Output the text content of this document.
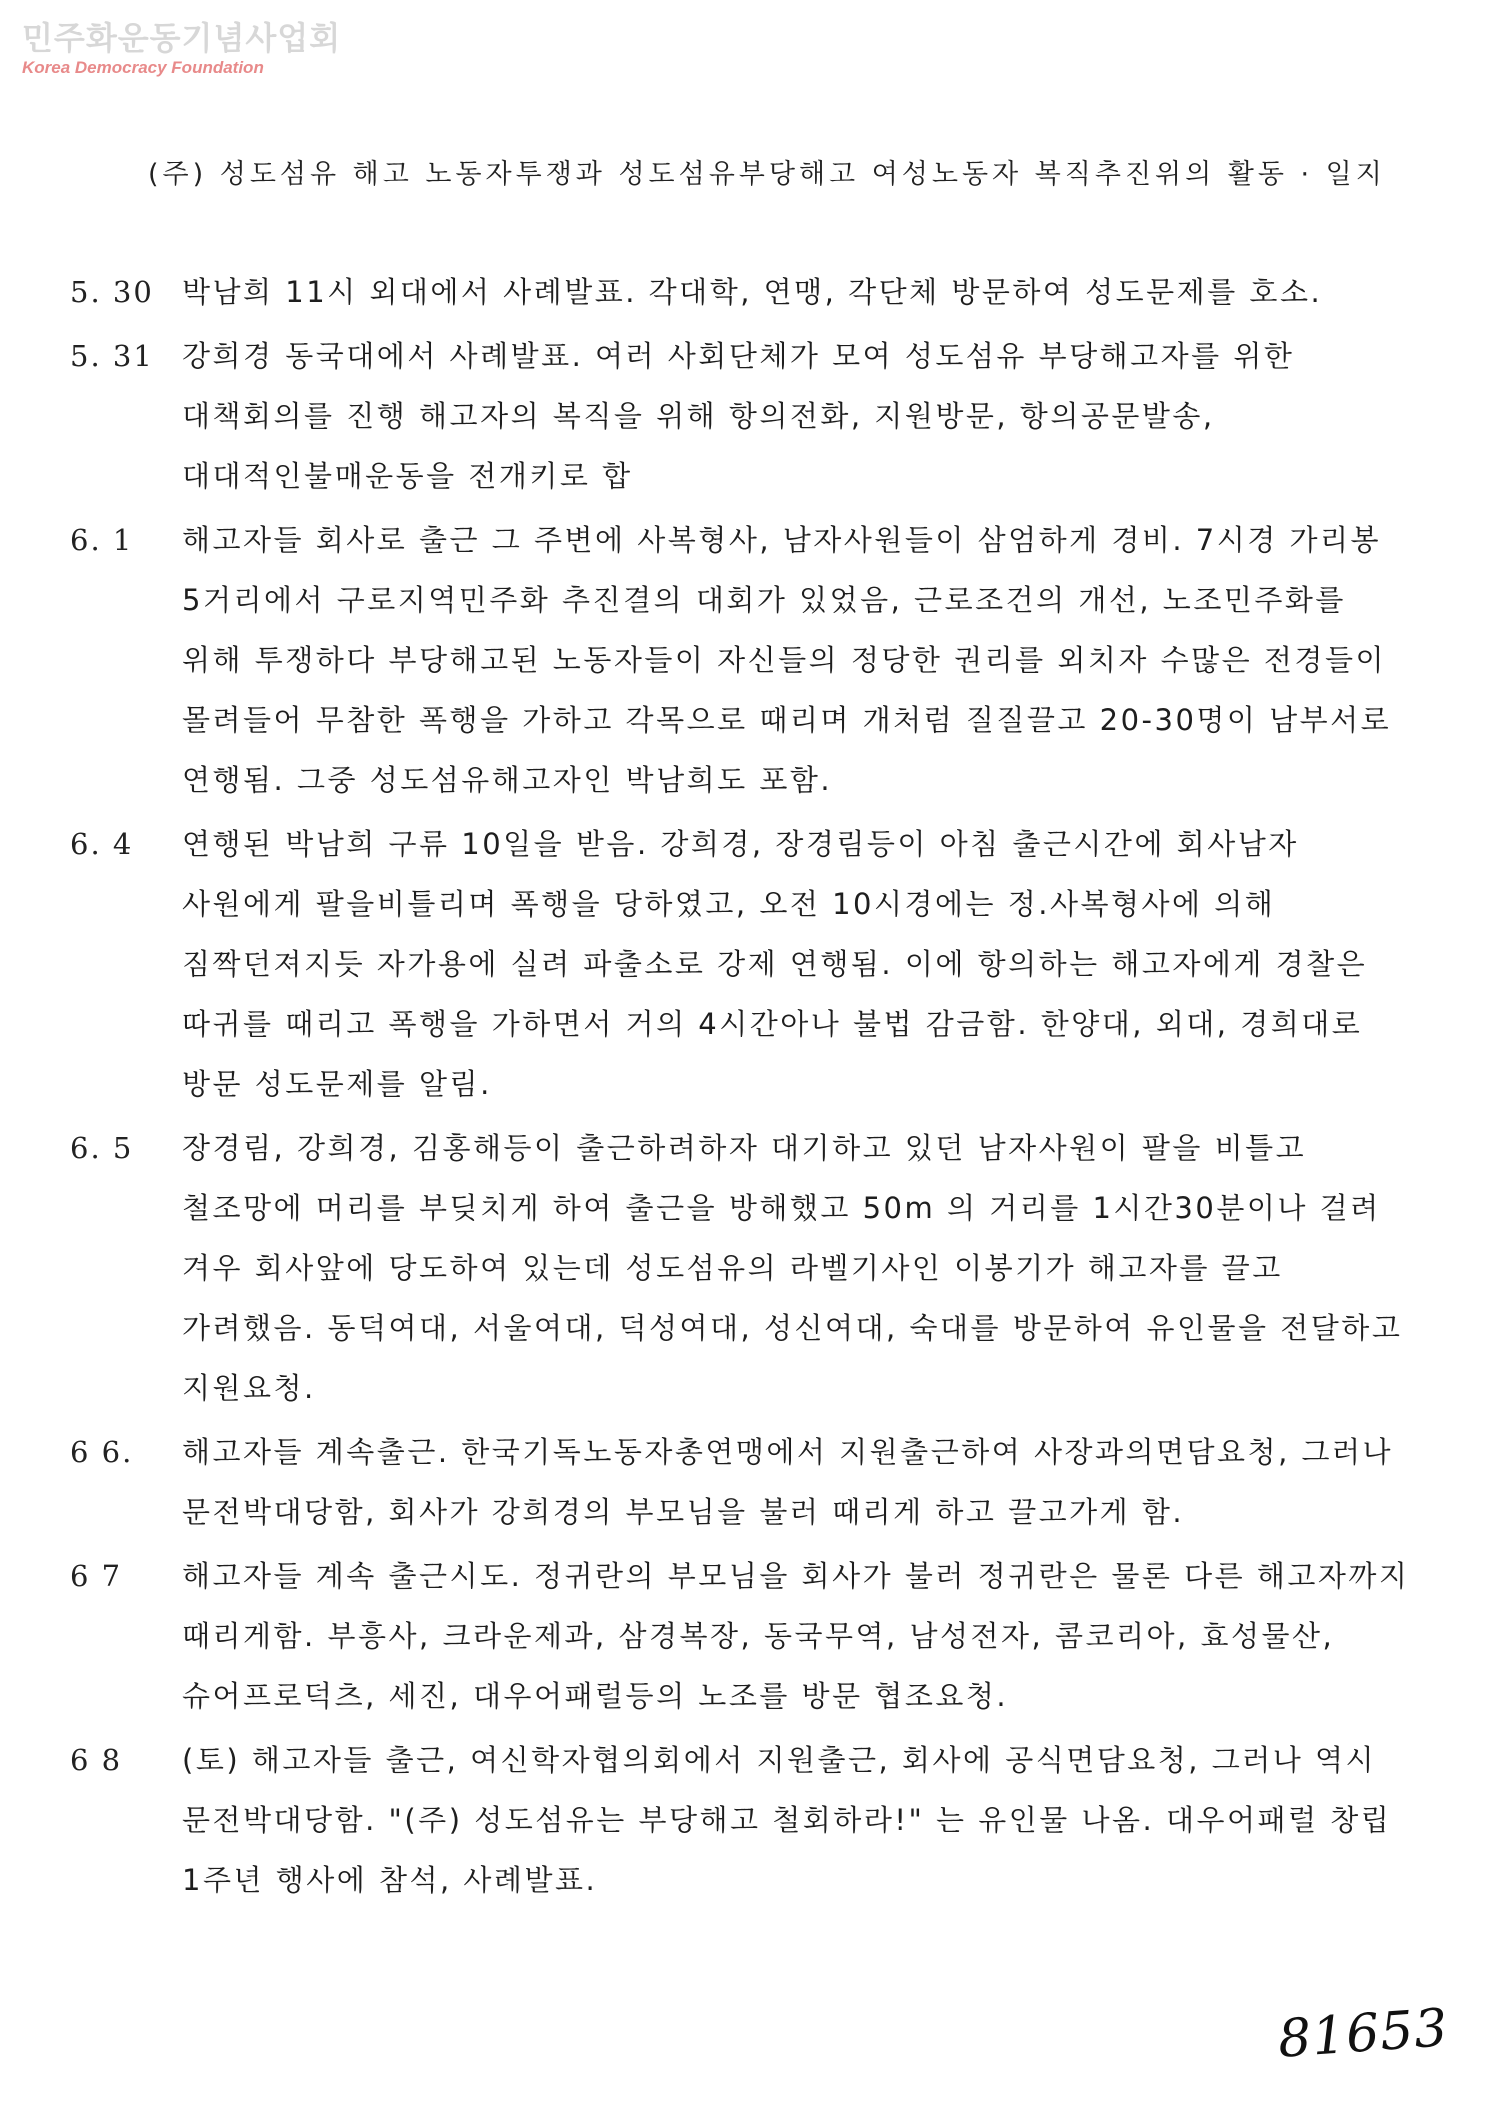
민주화운동기념사업회
Korea Democracy Foundation
(주) 성도섬유 해고 노동자투쟁과 성도섬유부당해고 여성노동자 복직추진위의 활동 · 일지
5. 30 박남희 11시 외대에서 사례발표. 각대학, 연맹, 각단체 방문하여 성도문제를 호소.
5. 31 강희경 동국대에서 사례발표. 여러 사회단체가 모여 성도섬유 부당해고자를 위한 대책회의를 진행 해고자의 복직을 위해 항의전화, 지원방문, 항의공문발송, 대대적인불매운동을 전개키로 합
6. 1	해고자들 회사로 출근 그 주변에 사복형사, 남자사원들이 삼엄하게 경비. 7시경 가리봉 5거리에서 구로지역민주화 추진결의 대회가 있었음, 근로조건의 개선, 노조민주화를 위해 투쟁하다 부당해고된 노동자들이 자신들의 정당한 권리를 외치자 수많은 전경들이 몰려들어 무참한 폭행을 가하고 각목으로 때리며 개처럼 질질끌고 20-30명이 남부서로 연행됨. 그중 성도섬유해고자인 박남희도 포함.
6. 4	연행된 박남희 구류 10일을 받음. 강희경, 장경림등이 아침 출근시간에 회사남자 사원에게 팔을비틀리며 폭행을 당하였고, 오전 10시경에는 정.사복형사에 의해 짐짝던져지듯 자가용에 실려 파출소로 강제 연행됨. 이에 항의하는 해고자에게 경찰은 따귀를 때리고 폭행을 가하면서 거의 4시간아나 불법 감금함. 한양대, 외대, 경희대로 방문 성도문제를 알림.
6. 5	장경림, 강희경, 김홍해등이 출근하려하자 대기하고 있던 남자사원이 팔을 비틀고 철조망에 머리를 부딪치게 하여 출근을 방해했고 50m 의 거리를 1시간30분이나 걸려 겨우 회사앞에 당도하여 있는데 성도섬유의 라벨기사인 이봉기가 해고자를 끌고 가려했음. 동덕여대, 서울여대, 덕성여대, 성신여대, 숙대를 방문하여 유인물을 전달하고 지원요청.
6 6.	해고자들 계속출근. 한국기독노동자총연맹에서 지원출근하여 사장과의면담요청, 그러나 문전박대당함, 회사가 강희경의 부모님을 불러 때리게 하고 끌고가게 함.
6 7	해고자들 계속 출근시도. 정귀란의 부모님을 회사가 불러 정귀란은 물론 다른 해고자까지 때리게함. 부흥사, 크라운제과, 삼경복장, 동국무역, 남성전자, 콤코리아, 효성물산, 슈어프로덕츠, 세진, 대우어패럴등의 노조를 방문 협조요청.
6 8	(토) 해고자들 출근, 여신학자협의회에서 지원출근, 회사에 공식면담요청, 그러나 역시 문전박대당함. "(주) 성도섬유는 부당해고 철회하라!" 는 유인물 나옴. 대우어패럴 창립 1주년 행사에 참석, 사례발표.
81653
